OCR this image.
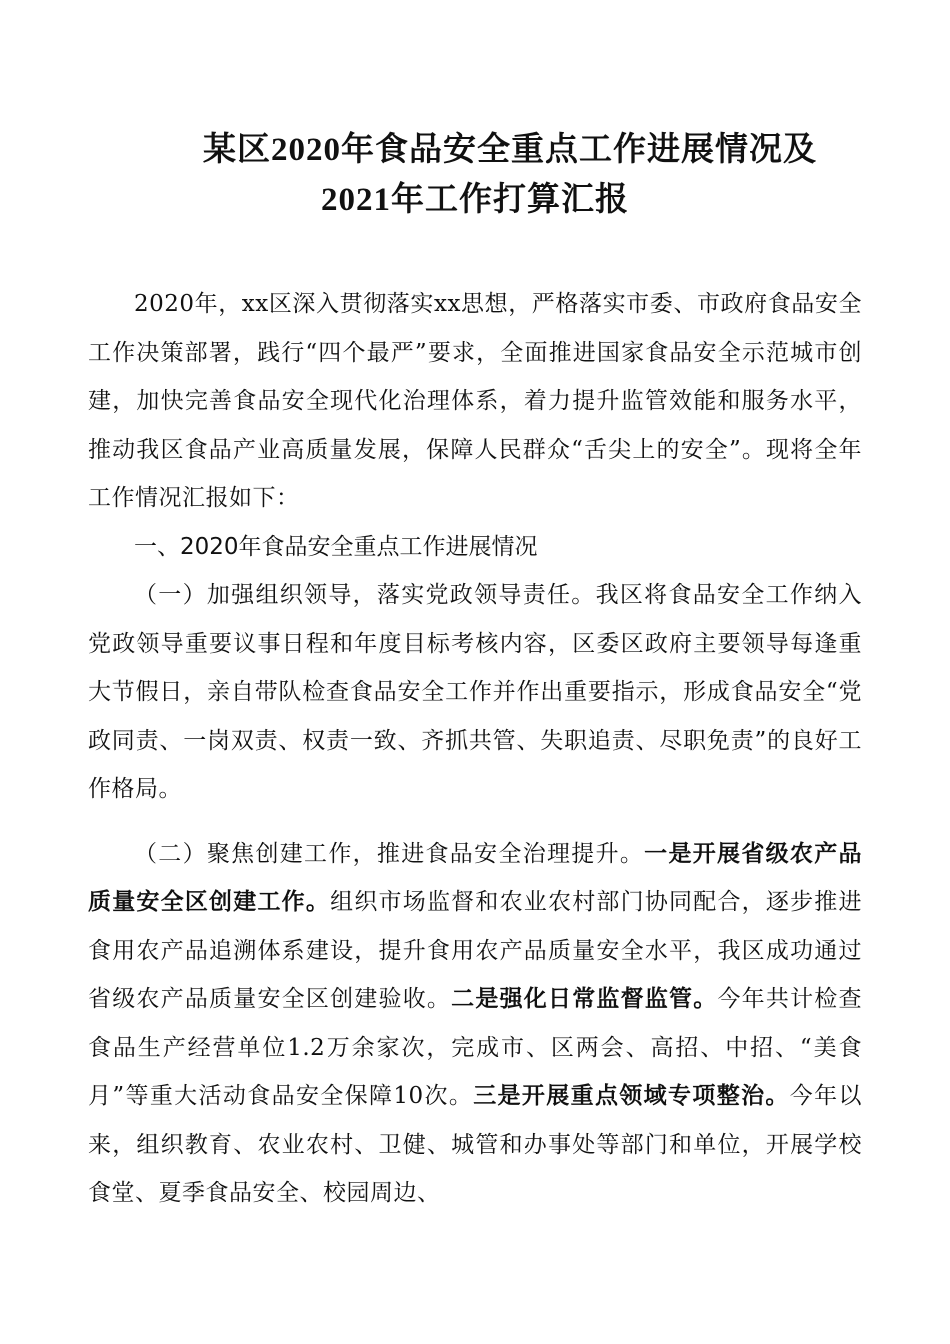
某区2020年食品安全重点工作进展情况及
2021年工作打算汇报

2020年，xx区深入贯彻落实xx思想，严格落实市委、市政府食品安全工作决策部署，践行“四个最严”要求，全面推进国家食品安全示范城市创建，加快完善食品安全现代化治理体系，着力提升监管效能和服务水平，推动我区食品产业高质量发展，保障人民群众“舌尖上的安全”。现将全年工作情况汇报如下：

一、2020年食品安全重点工作进展情况

（一）加强组织领导，落实党政领导责任。我区将食品安全工作纳入党政领导重要议事日程和年度目标考核内容，区委区政府主要领导每逢重大节假日，亲自带队检查食品安全工作并作出重要指示，形成食品安全“党政同责、一岗双责、权责一致、齐抓共管、失职追责、尽职免责”的良好工作格局。

（二）聚焦创建工作，推进食品安全治理提升。一是开展省级农产品质量安全区创建工作。组织市场监督和农业农村部门协同配合，逐步推进食用农产品追溯体系建设，提升食用农产品质量安全水平，我区成功通过省级农产品质量安全区创建验收。二是强化日常监督监管。今年共计检查食品生产经营单位1.2万余家次，完成市、区两会、高招、中招、“美食月”等重大活动食品安全保障10次。三是开展重点领域专项整治。今年以来，组织教育、农业农村、卫健、城管和办事处等部门和单位，开展学校食堂、夏季食品安全、校园周边、
